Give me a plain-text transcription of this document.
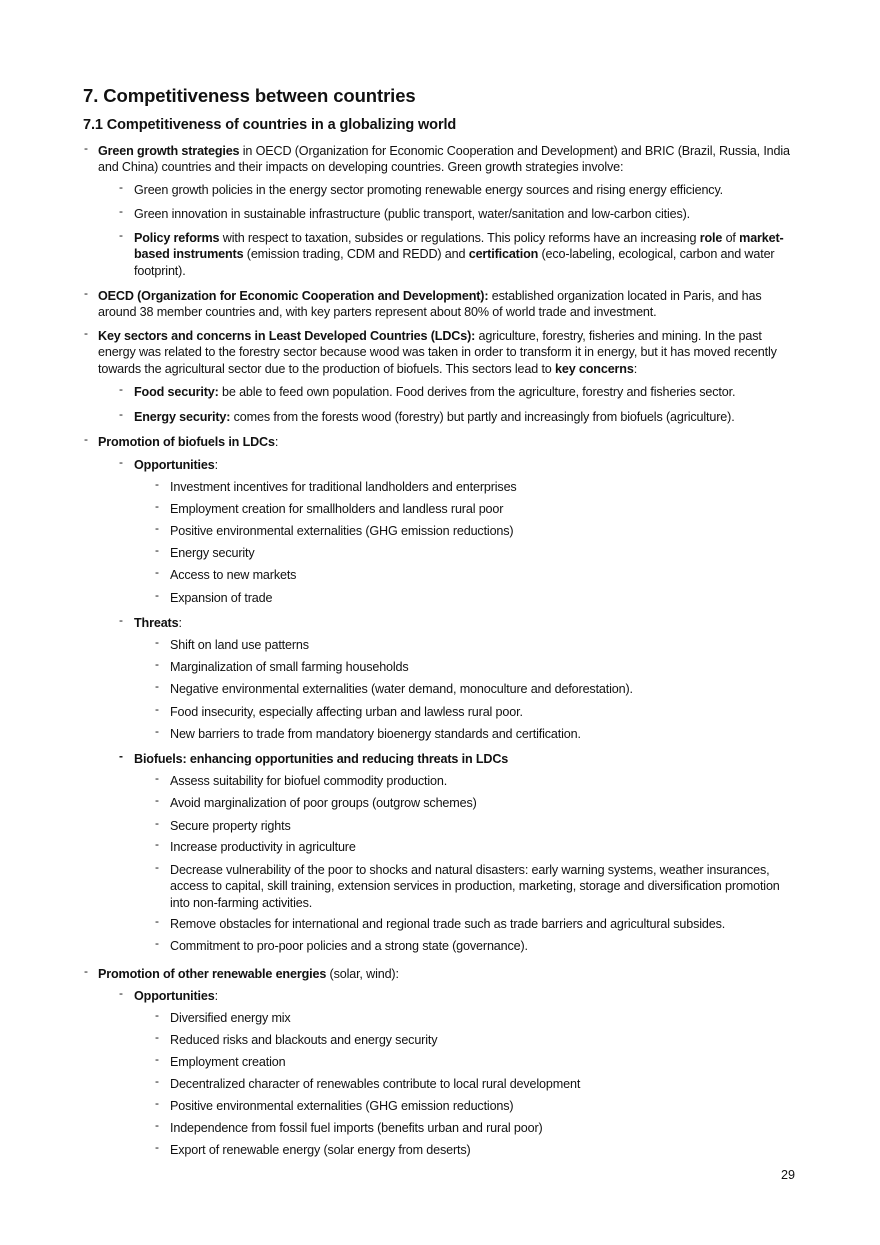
7. Competitiveness between countries
7.1 Competitiveness of countries in a globalizing world
- Green growth strategies in OECD (Organization for Economic Cooperation and Development) and BRIC (Brazil, Russia, India and China) countries and their impacts on developing countries. Green growth strategies involve:
- Green growth policies in the energy sector promoting renewable energy sources and rising energy efficiency.
- Green innovation in sustainable infrastructure (public transport, water/sanitation and low-carbon cities).
- Policy reforms with respect to taxation, subsides or regulations. This policy reforms have an increasing role of market-based instruments (emission trading, CDM and REDD) and certification (eco-labeling, ecological, carbon and water footprint).
- OECD (Organization for Economic Cooperation and Development): established organization located in Paris, and has around 38 member countries and, with key parters represent about 80% of world trade and investment.
- Key sectors and concerns in Least Developed Countries (LDCs): agriculture, forestry, fisheries and mining. In the past energy was related to the forestry sector because wood was taken in order to transform it in energy, but it has moved recently towards the agricultural sector due to the production of biofuels. This sectors lead to key concerns:
- Food security: be able to feed own population. Food derives from the agriculture, forestry and fisheries sector.
- Energy security: comes from the forests wood (forestry) but partly and increasingly from biofuels (agriculture).
- Promotion of biofuels in LDCs:
- Opportunities:
- Investment incentives for traditional landholders and enterprises
- Employment creation for smallholders and landless rural poor
- Positive environmental externalities (GHG emission reductions)
- Energy security
- Access to new markets
- Expansion of trade
- Threats:
- Shift on land use patterns
- Marginalization of small farming households
- Negative environmental externalities (water demand, monoculture and deforestation).
- Food insecurity, especially affecting urban and lawless rural poor.
- New barriers to trade from mandatory bioenergy standards and certification.
- Biofuels: enhancing opportunities and reducing threats in LDCs
- Assess suitability for biofuel commodity production.
- Avoid marginalization of poor groups (outgrow schemes)
- Secure property rights
- Increase productivity in agriculture
- Decrease vulnerability of the poor to shocks and natural disasters: early warning systems, weather insurances, access to capital, skill training, extension services in production, marketing, storage and diversification promotion into non-farming activities.
- Remove obstacles for international and regional trade such as trade barriers and agricultural subsides.
- Commitment to pro-poor policies and a strong state (governance).
- Promotion of other renewable energies (solar, wind):
- Opportunities:
- Diversified energy mix
- Reduced risks and blackouts and energy security
- Employment creation
- Decentralized character of renewables contribute to local rural development
- Positive environmental externalities (GHG emission reductions)
- Independence from fossil fuel imports (benefits urban and rural poor)
- Export of renewable energy (solar energy from deserts)
29
